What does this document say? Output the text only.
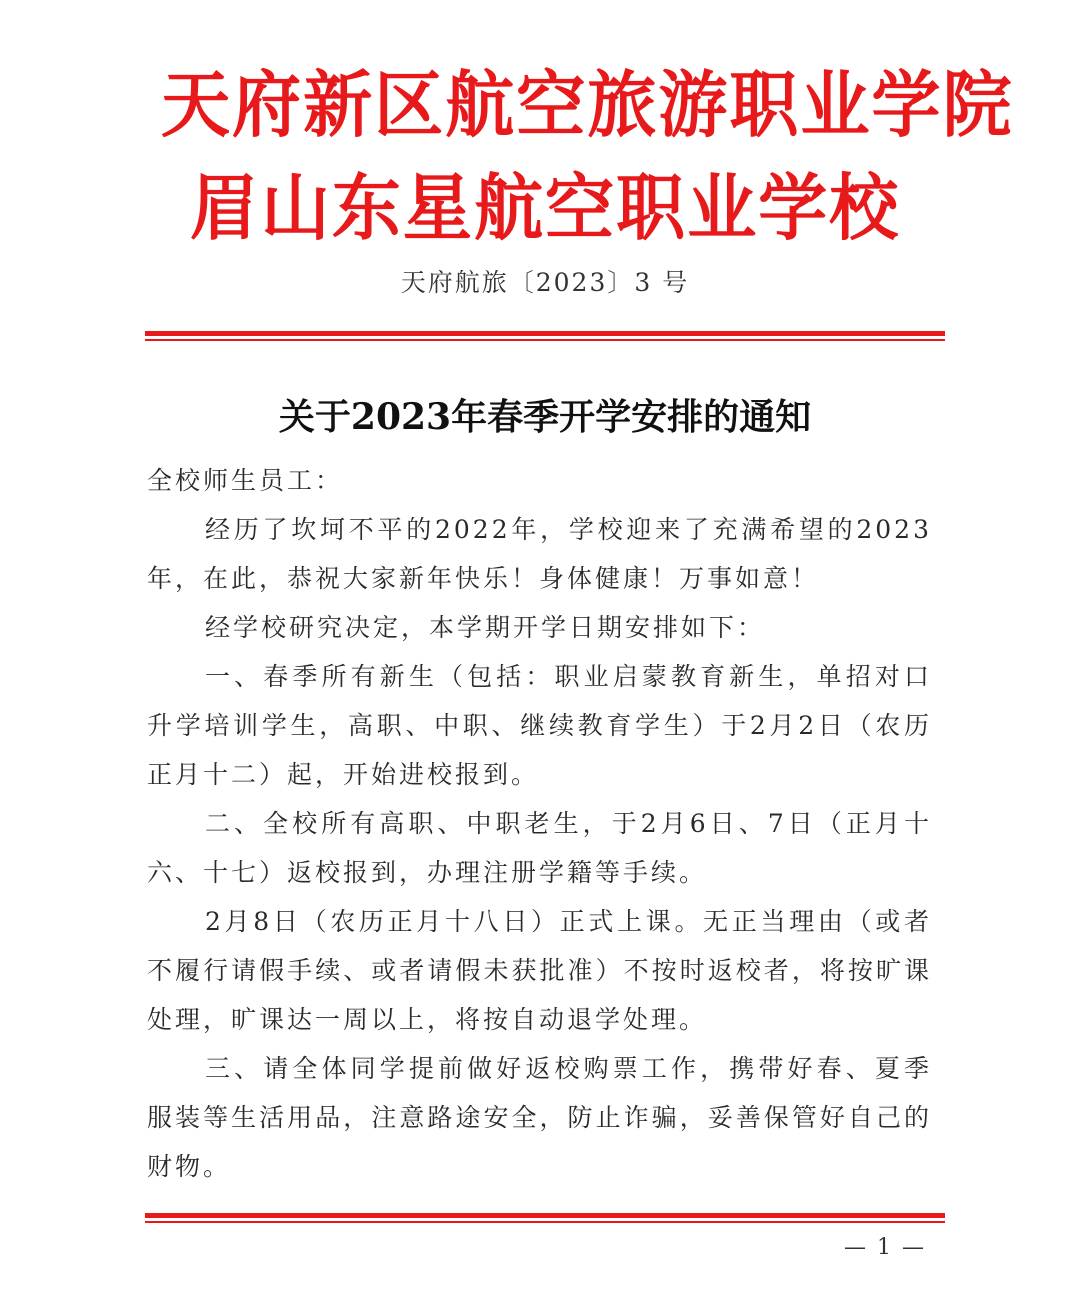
天府新区航空旅游职业学院
眉山东星航空职业学校
天府航旅〔2023〕3 号
关于2023年春季开学安排的通知

全校师生员工：

经历了坎坷不平的2022年，学校迎来了充满希望的2023年，在此，恭祝大家新年快乐！身体健康！万事如意！

经学校研究决定，本学期开学日期安排如下：

一、春季所有新生（包括：职业启蒙教育新生，单招对口升学培训学生，高职、中职、继续教育学生）于2月2日（农历正月十二）起，开始进校报到。

二、全校所有高职、中职老生，于2月6日、7日（正月十六、十七）返校报到，办理注册学籍等手续。

2月8日（农历正月十八日）正式上课。无正当理由（或者不履行请假手续、或者请假未获批准）不按时返校者，将按旷课处理，旷课达一周以上，将按自动退学处理。

三、请全体同学提前做好返校购票工作，携带好春、夏季服装等生活用品，注意路途安全，防止诈骗，妥善保管好自己的财物。

— 1 —
